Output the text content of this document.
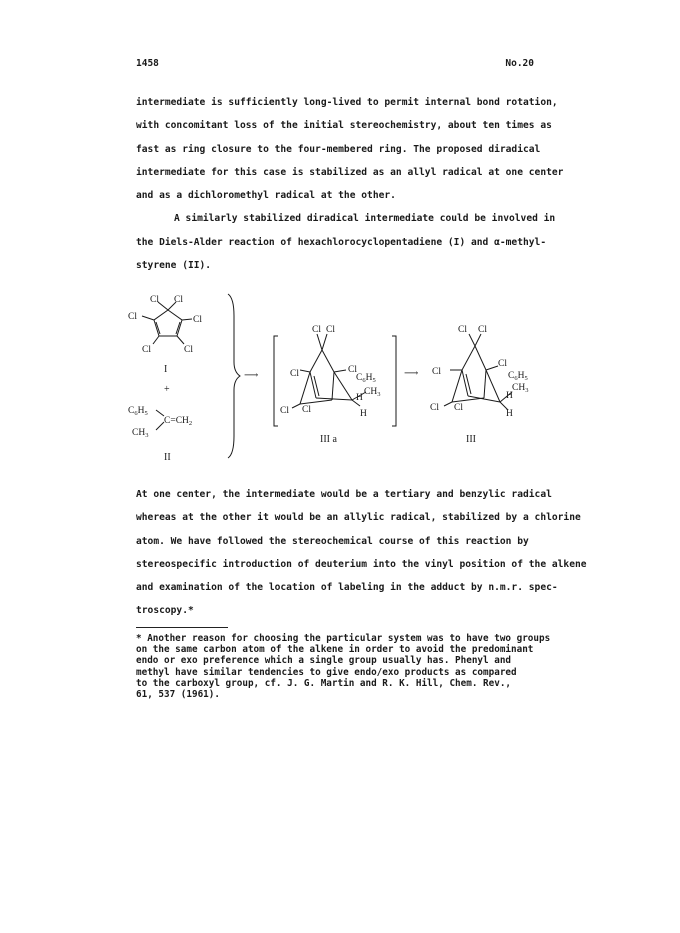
1458	No.20
intermediate is sufficiently long-lived to permit internal bond rotation,
with concomitant loss of the initial stereochemistry, about ten times as
fast as ring closure to the four-membered ring. The proposed diradical
intermediate for this case is stabilized as an allyl radical at one center
and as a dichloromethyl radical at the other.
A similarly stabilized diradical intermediate could be involved in
the Diels-Alder reaction of hexachlorocyclopentadiene (I) and α-methyl-
styrene (II).
Cl Cl
Cl	Cl
Cl	Cl
I
+
$C_6H_5$
$C=CH_2$
$CH_3$
II
⟶	⟶
Cl Cl
Cl	Cl
Cl Cl
$C_6H_5$
$CH_3$
H
H
III a
Cl Cl
Cl
Cl
Cl Cl
$C_6H_5$
$CH_3$
H
H
III
At one center, the intermediate would be a tertiary and benzylic radical
whereas at the other it would be an allylic radical, stabilized by a chlorine
atom. We have followed the stereochemical course of this reaction by
stereospecific introduction of deuterium into the vinyl position of the alkene
and examination of the location of labeling in the adduct by n.m.r. spec-
troscopy.*
* Another reason for choosing the particular system was to have two groups
on the same carbon atom of the alkene in order to avoid the predominant
endo or exo preference which a single group usually has. Phenyl and
methyl have similar tendencies to give endo/exo products as compared
to the carboxyl group, cf. J. G. Martin and R. K. Hill, Chem. Rev.,
61, 537 (1961).
